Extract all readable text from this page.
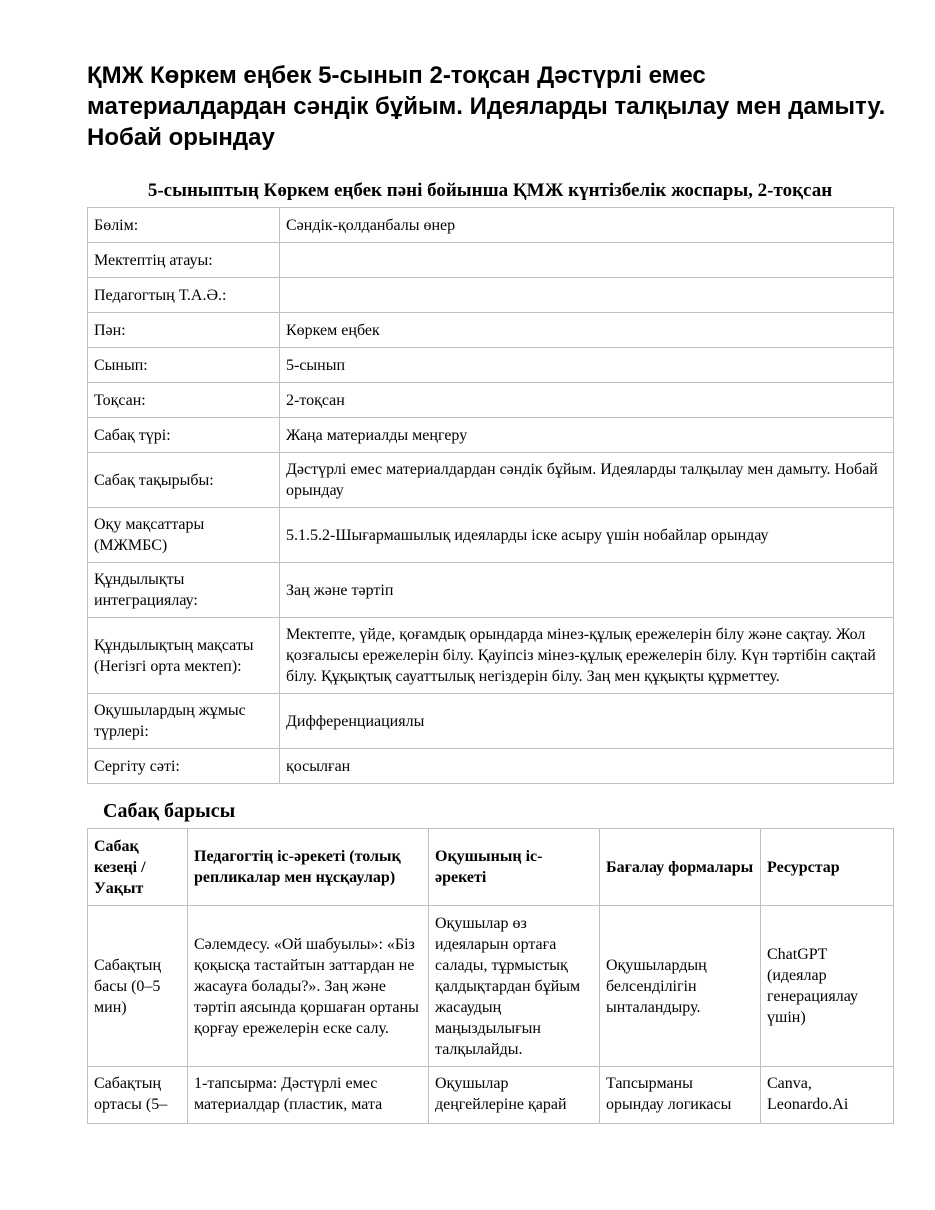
ҚМЖ Көркем еңбек 5-сынып 2-тоқсан Дәстүрлі емес материалдардан сәндік бұйым. Идеяларды талқылау мен дамыту. Нобай орындау
5-сыныптың Көркем еңбек пәні бойынша ҚМЖ күнтізбелік жоспары, 2-тоқсан
Бөлім:	Сәндік-қолданбалы өнер
Мектептің атауы:	
Педагогтың Т.А.Ә.:	
Пән:	Көркем еңбек
Сынып:	5-сынып
Тоқсан:	2-тоқсан
Сабақ түрі:	Жаңа материалды меңгеру
Сабақ тақырыбы:	Дәстүрлі емес материалдардан сәндік бұйым. Идеяларды талқылау мен дамыту. Нобай орындау
Оқу мақсаттары (МЖМБС)	5.1.5.2-Шығармашылық идеяларды іске асыру үшін нобайлар орындау
Құндылықты интеграциялау:	Заң және тәртіп
Құндылықтың мақсаты (Негізгі орта мектеп):	Мектепте, үйде, қоғамдық орындарда мінез-құлық ережелерін білу және сақтау. Жол қозғалысы ережелерін білу. Қауіпсіз мінез-құлық ережелерін білу. Күн тәртібін сақтай білу. Құқықтық сауаттылық негіздерін білу. Заң мен құқықты құрметтеу.
Оқушылардың жұмыс түрлері:	Дифференциациялы
Сергіту сәті:	қосылған
Сабақ барысы
Сабақ кезеңі / Уақыт	Педагогтің іс-әрекеті (толық репликалар мен нұсқаулар)	Оқушының іс-әрекеті	Бағалау формалары	Ресурстар
Сабақтың басы (0–5 мин)	Сәлемдесу. «Ой шабуылы»: «Біз қоқысқа тастайтын заттардан не жасауға болады?». Заң және тәртіп аясында қоршаған ортаны қорғау ережелерін еске салу.	Оқушылар өз идеяларын ортаға салады, тұрмыстық қалдықтардан бұйым жасаудың маңыздылығын талқылайды.	Оқушылардың белсенділігін ынталандыру.	ChatGPT (идеялар генерациялау үшін)
Сабақтың ортасы (5–	1-тапсырма: Дәстүрлі емес материалдар (пластик, мата	Оқушылар деңгейлеріне қарай	Тапсырманы орындау логикасы	Canva, Leonardo.Ai
